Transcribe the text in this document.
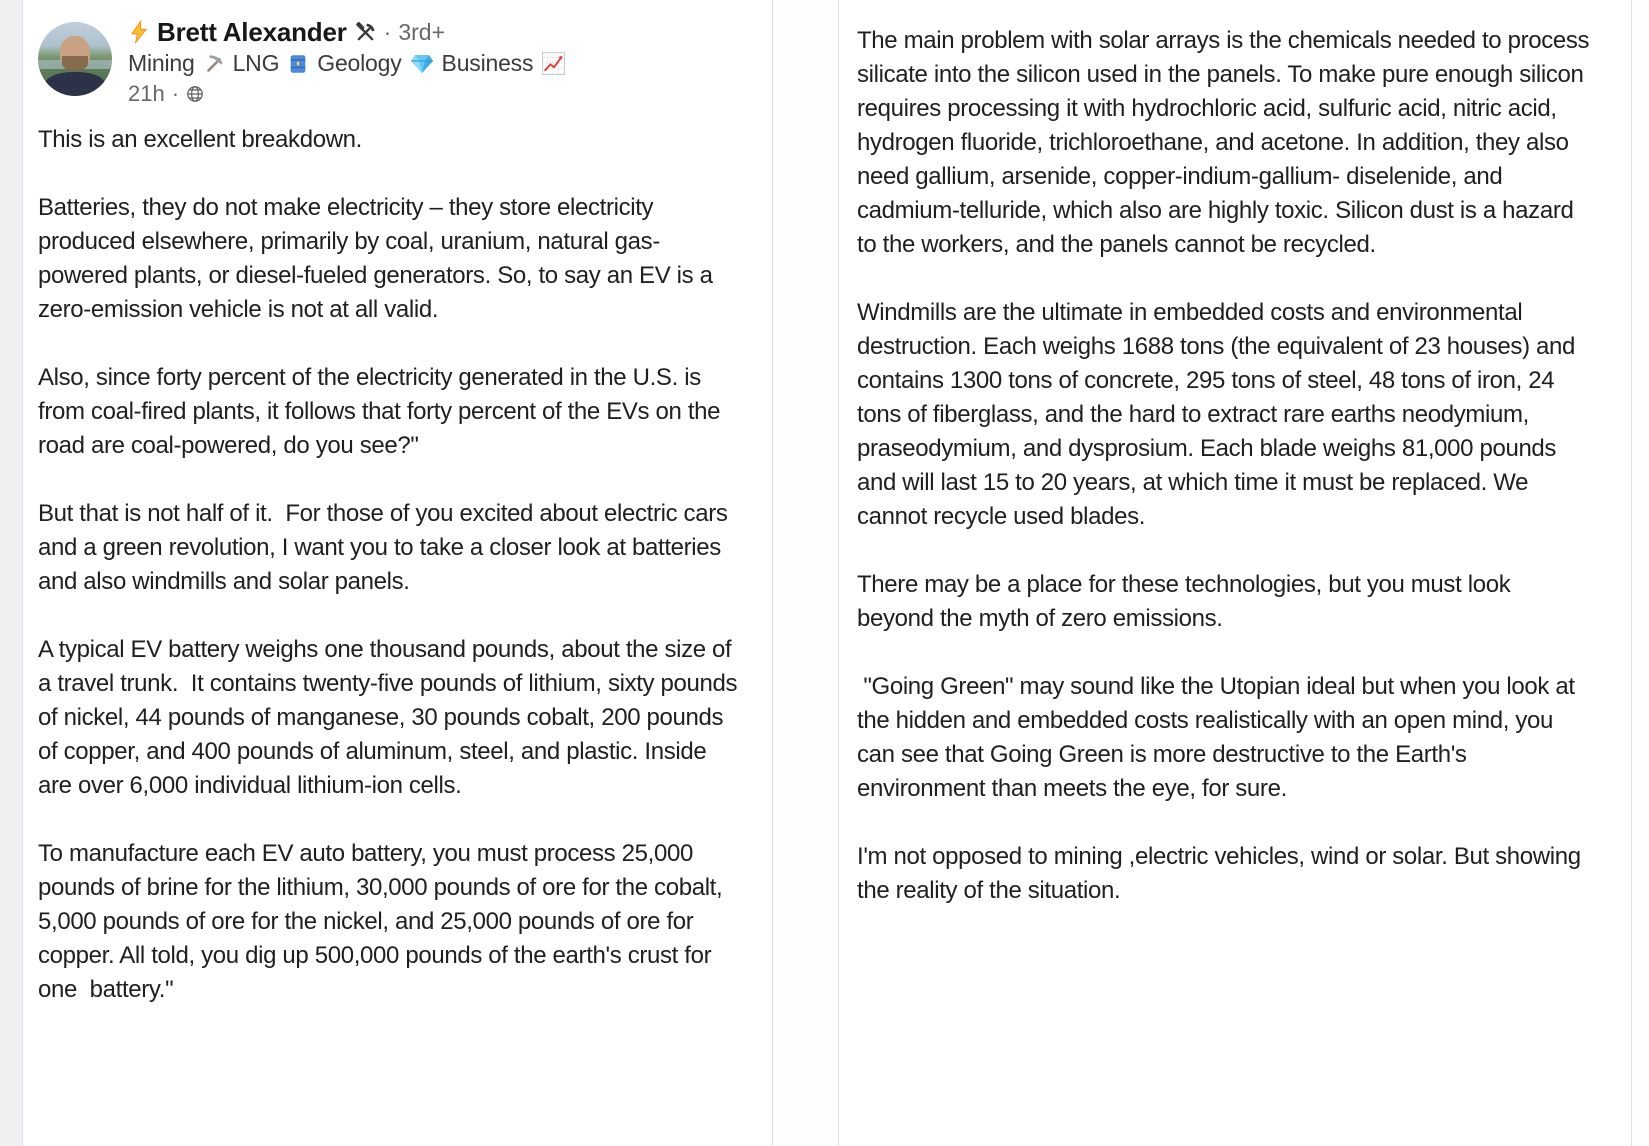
Brett Alexander · 3rd+
Mining LNG Geology Business
21h ·

This is an excellent breakdown.

Batteries, they do not make electricity – they store electricity produced elsewhere, primarily by coal, uranium, natural gas-powered plants, or diesel-fueled generators. So, to say an EV is a zero-emission vehicle is not at all valid.

Also, since forty percent of the electricity generated in the U.S. is from coal-fired plants, it follows that forty percent of the EVs on the road are coal-powered, do you see?"

But that is not half of it.  For those of you excited about electric cars and a green revolution, I want you to take a closer look at batteries and also windmills and solar panels.

A typical EV battery weighs one thousand pounds, about the size of a travel trunk.  It contains twenty-five pounds of lithium, sixty pounds of nickel, 44 pounds of manganese, 30 pounds cobalt, 200 pounds of copper, and 400 pounds of aluminum, steel, and plastic. Inside are over 6,000 individual lithium-ion cells.

To manufacture each EV auto battery, you must process 25,000 pounds of brine for the lithium, 30,000 pounds of ore for the cobalt, 5,000 pounds of ore for the nickel, and 25,000 pounds of ore for copper. All told, you dig up 500,000 pounds of the earth's crust for one  battery."

The main problem with solar arrays is the chemicals needed to process silicate into the silicon used in the panels. To make pure enough silicon requires processing it with hydrochloric acid, sulfuric acid, nitric acid, hydrogen fluoride, trichloroethane, and acetone. In addition, they also need gallium, arsenide, copper-indium-gallium- diselenide, and cadmium-telluride, which also are highly toxic. Silicon dust is a hazard to the workers, and the panels cannot be recycled.

Windmills are the ultimate in embedded costs and environmental destruction. Each weighs 1688 tons (the equivalent of 23 houses) and contains 1300 tons of concrete, 295 tons of steel, 48 tons of iron, 24 tons of fiberglass, and the hard to extract rare earths neodymium, praseodymium, and dysprosium. Each blade weighs 81,000 pounds and will last 15 to 20 years, at which time it must be replaced. We cannot recycle used blades.

There may be a place for these technologies, but you must look beyond the myth of zero emissions.

"Going Green" may sound like the Utopian ideal but when you look at the hidden and embedded costs realistically with an open mind, you can see that Going Green is more destructive to the Earth's environment than meets the eye, for sure.

I'm not opposed to mining ,electric vehicles, wind or solar. But showing the reality of the situation.
